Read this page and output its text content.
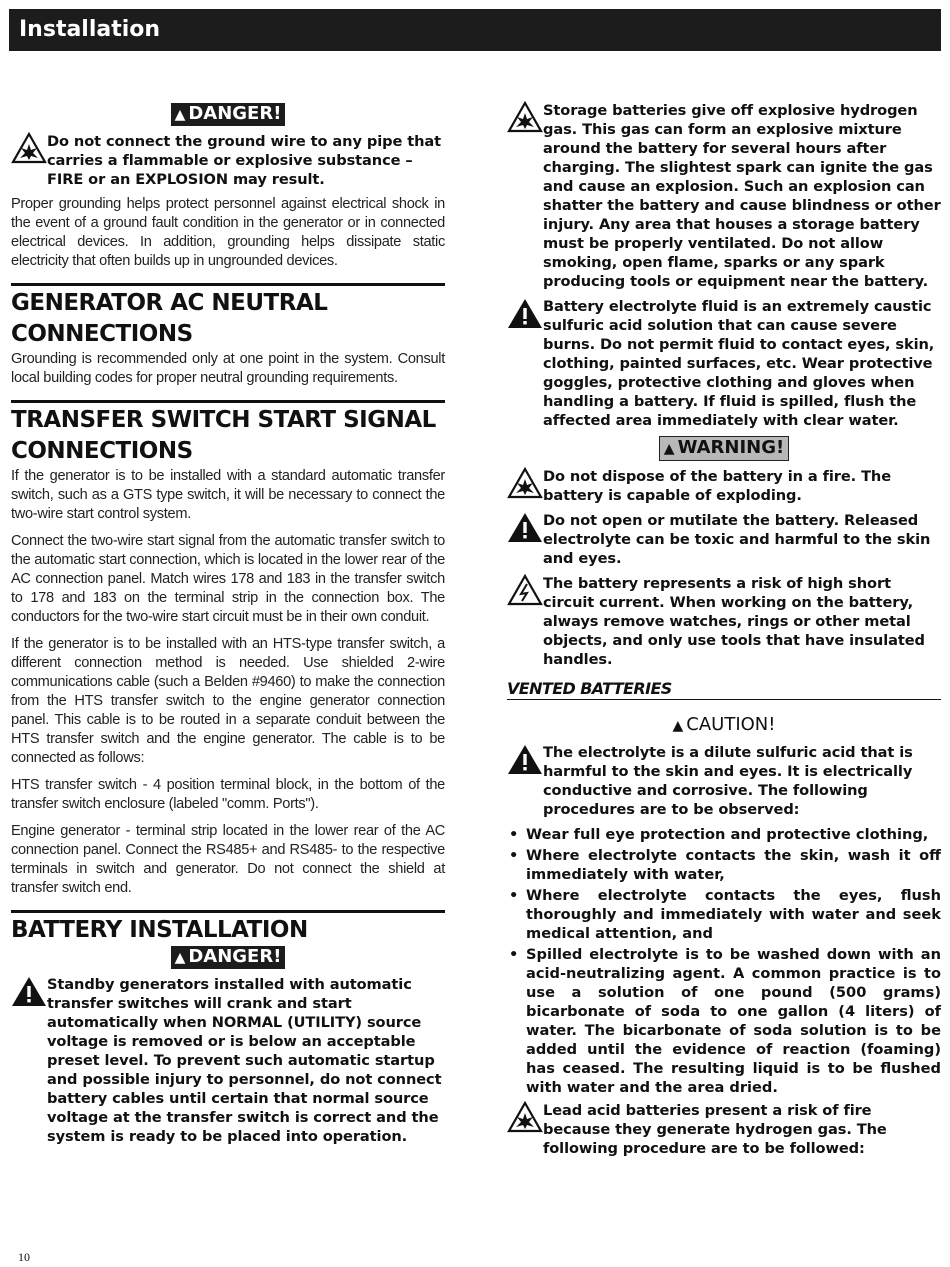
Installation
▲ DANGER!
Do not connect the ground wire to any pipe that carries a flammable or explosive substance – FIRE or an EXPLOSION may result.

Proper grounding helps protect personnel against electrical shock in the event of a ground fault condition in the generator or in connected electrical devices. In addition, grounding helps dissipate static electricity that often builds up in ungrounded devices.

GENERATOR AC NEUTRAL CONNECTIONS

Grounding is recommended only at one point in the system. Consult local building codes for proper neutral grounding requirements.

TRANSFER SWITCH START SIGNAL CONNECTIONS

If the generator is to be installed with a standard automatic transfer switch, such as a GTS type switch, it will be necessary to connect the two-wire start control system.

Connect the two-wire start signal from the automatic transfer switch to the automatic start connection, which is located in the lower rear of the AC connection panel. Match wires 178 and 183 in the transfer switch to 178 and 183 on the terminal strip in the connection box. The conductors for the two-wire start circuit must be in their own conduit.

If the generator is to be installed with an HTS-type transfer switch, a different connection method is needed. Use shielded 2-wire communications cable (such a Belden #9460) to make the connection from the HTS transfer switch to the engine generator connection panel. This cable is to be routed in a separate conduit between the HTS transfer switch and the engine generator. The cable is to be connected as follows:

HTS transfer switch - 4 position terminal block, in the bottom of the transfer switch enclosure (labeled "comm. Ports").

Engine generator - terminal strip located in the lower rear of the AC connection panel. Connect the RS485+ and RS485- to the respective terminals in switch and generator. Do not connect the shield at transfer switch end.

BATTERY INSTALLATION
▲ DANGER!
Standby generators installed with automatic transfer switches will crank and start automatically when NORMAL (UTILITY) source voltage is removed or is below an acceptable preset level. To prevent such automatic startup and possible injury to personnel, do not connect battery cables until certain that normal source voltage at the transfer switch is correct and the system is ready to be placed into operation.
Storage batteries give off explosive hydrogen gas. This gas can form an explosive mixture around the battery for several hours after charging. The slightest spark can ignite the gas and cause an explosion. Such an explosion can shatter the battery and cause blindness or other injury. Any area that houses a storage battery must be properly ventilated. Do not allow smoking, open flame, sparks or any spark producing tools or equipment near the battery.
Battery electrolyte fluid is an extremely caustic sulfuric acid solution that can cause severe burns. Do not permit fluid to contact eyes, skin, clothing, painted surfaces, etc. Wear protective goggles, protective clothing and gloves when handling a battery. If fluid is spilled, flush the affected area immediately with clear water.
▲ WARNING!
Do not dispose of the battery in a fire. The battery is capable of exploding.
Do not open or mutilate the battery. Released electrolyte can be toxic and harmful to the skin and eyes.
The battery represents a risk of high short circuit current. When working on the battery, always remove watches, rings or other metal objects, and only use tools that have insulated handles.
VENTED BATTERIES
▲ CAUTION!
The electrolyte is a dilute sulfuric acid that is harmful to the skin and eyes. It is electrically conductive and corrosive. The following procedures are to be observed:
• Wear full eye protection and protective clothing,
• Where electrolyte contacts the skin, wash it off immediately with water,
• Where electrolyte contacts the eyes, flush thoroughly and immediately with water and seek medical attention, and
• Spilled electrolyte is to be washed down with an acid-neutralizing agent. A common practice is to use a solution of one pound (500 grams) bicarbonate of soda to one gallon (4 liters) of water. The bicarbonate of soda solution is to be added until the evidence of reaction (foaming) has ceased. The resulting liquid is to be flushed with water and the area dried.
Lead acid batteries present a risk of fire because they generate hydrogen gas. The following procedure are to be followed:
10
